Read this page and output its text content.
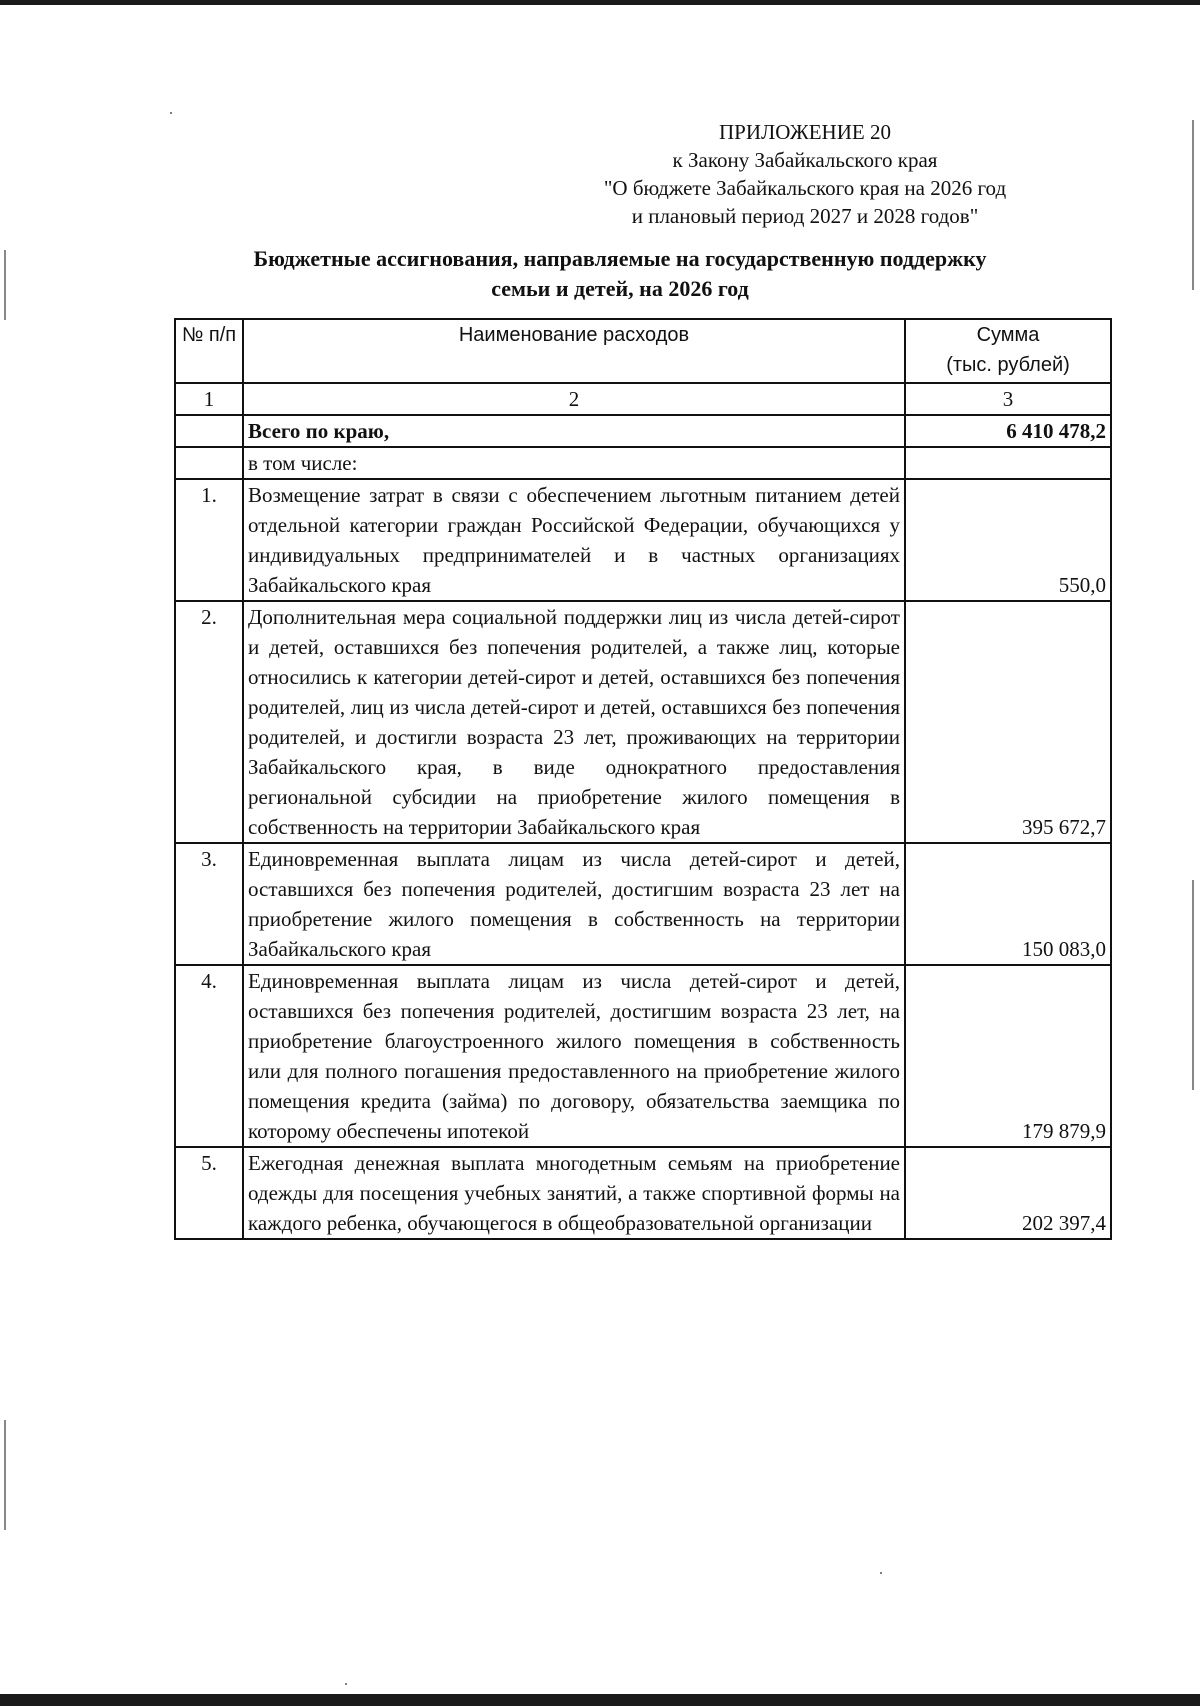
ПРИЛОЖЕНИЕ 20
к Закону Забайкальского края
"О бюджете Забайкальского края на 2026 год
и плановый период 2027 и 2028 годов"
Бюджетные ассигнования, направляемые на государственную поддержку
семьи и детей, на 2026 год
№ п/п	Наименование расходов	Сумма
(тыс. рублей)

1	2	3
	Всего по краю,	6 410 478,2
	в том числе:	
1.	Возмещение затрат в связи с обеспечением льготным питанием детей отдельной категории граждан Российской Федерации, обучающихся у индивидуальных предпринимателей и в частных организациях Забайкальского края	550,0
2.	Дополнительная мера социальной поддержки лиц из числа детей-сирот и детей, оставшихся без попечения родителей, а также лиц, которые относились к категории детей-сирот и детей, оставшихся без попечения родителей, лиц из числа детей-сирот и детей, оставшихся без попечения родителей, и достигли возраста 23 лет, проживающих на территории Забайкальского края, в виде однократного предоставления региональной субсидии на приобретение жилого помещения в собственность на территории Забайкальского края	395 672,7
3.	Единовременная выплата лицам из числа детей-сирот и детей, оставшихся без попечения родителей, достигшим возраста 23 лет на приобретение жилого помещения в собственность на территории Забайкальского края	150 083,0
4.	Единовременная выплата лицам из числа детей-сирот и детей, оставшихся без попечения родителей, достигшим возраста 23 лет, на приобретение благоустроенного жилого помещения в собственность или для полного погашения предоставленного на приобретение жилого помещения кредита (займа) по договору, обязательства заемщика по которому обеспечены ипотекой	179 879,9
5.	Ежегодная денежная выплата многодетным семьям на приобретение одежды для посещения учебных занятий, а также спортивной формы на каждого ребенка, обучающегося в общеобразовательной организации	202 397,4
